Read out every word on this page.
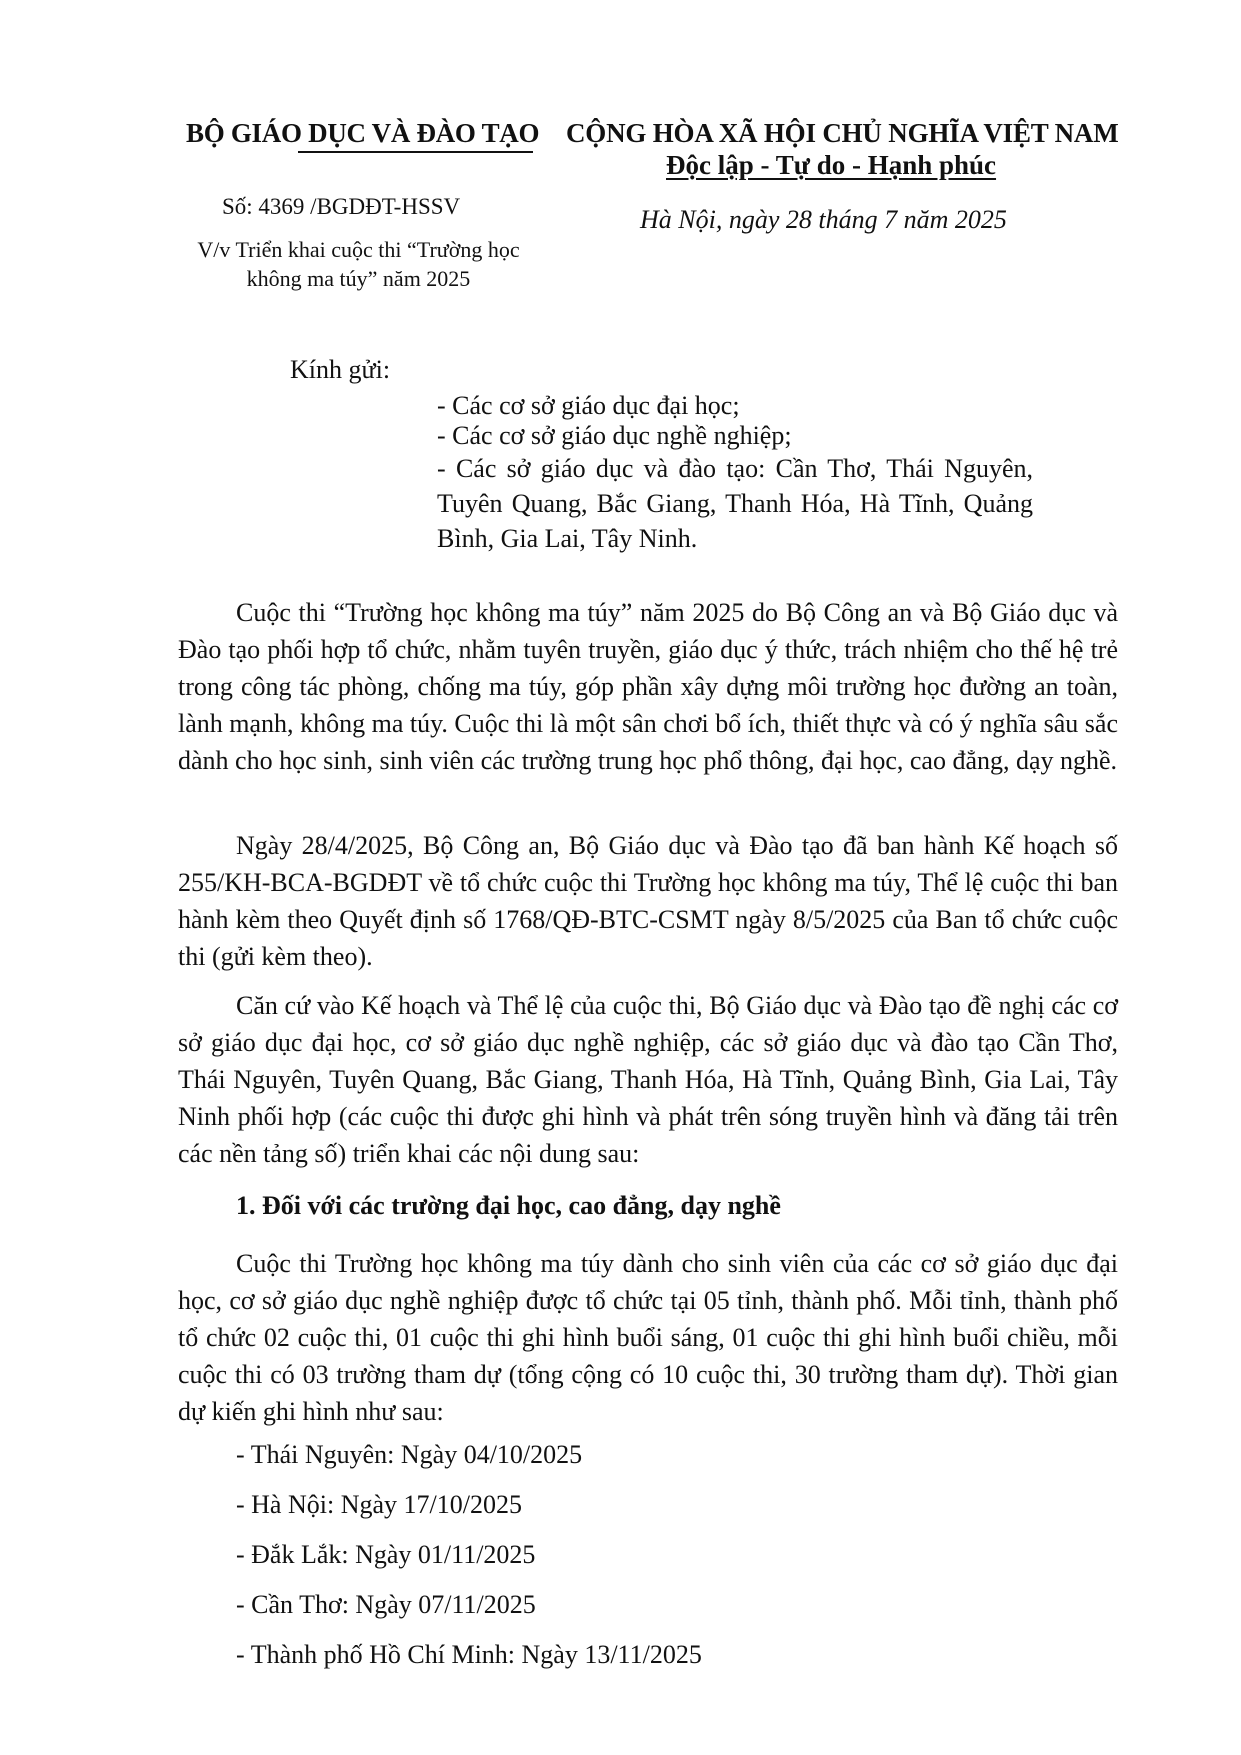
BỘ GIÁO DỤC VÀ ĐÀO TẠO CỘNG HÒA XÃ HỘI CHỦ NGHĨA VIỆT NAM
Độc lập - Tự do - Hạnh phúc
Số: 4369 /BGDĐT-HSSV	Hà Nội, ngày 28 tháng 7 năm 2025
V/v Triển khai cuộc thi “Trường học
không ma túy” năm 2025
Kính gửi:
- Các cơ sở giáo dục đại học;
- Các cơ sở giáo dục nghề nghiệp;
- Các sở giáo dục và đào tạo: Cần Thơ, Thái Nguyên, Tuyên Quang, Bắc Giang, Thanh Hóa, Hà Tĩnh, Quảng Bình, Gia Lai, Tây Ninh.

Cuộc thi “Trường học không ma túy” năm 2025 do Bộ Công an và Bộ Giáo dục và Đào tạo phối hợp tổ chức, nhằm tuyên truyền, giáo dục ý thức, trách nhiệm cho thế hệ trẻ trong công tác phòng, chống ma túy, góp phần xây dựng môi trường học đường an toàn, lành mạnh, không ma túy. Cuộc thi là một sân chơi bổ ích, thiết thực và có ý nghĩa sâu sắc dành cho học sinh, sinh viên các trường trung học phổ thông, đại học, cao đẳng, dạy nghề.

Ngày 28/4/2025, Bộ Công an, Bộ Giáo dục và Đào tạo đã ban hành Kế hoạch số 255/KH-BCA-BGDĐT về tổ chức cuộc thi Trường học không ma túy, Thể lệ cuộc thi ban hành kèm theo Quyết định số 1768/QĐ-BTC-CSMT ngày 8/5/2025 của Ban tổ chức cuộc thi (gửi kèm theo).

Căn cứ vào Kế hoạch và Thể lệ của cuộc thi, Bộ Giáo dục và Đào tạo đề nghị các cơ sở giáo dục đại học, cơ sở giáo dục nghề nghiệp, các sở giáo dục và đào tạo Cần Thơ, Thái Nguyên, Tuyên Quang, Bắc Giang, Thanh Hóa, Hà Tĩnh, Quảng Bình, Gia Lai, Tây Ninh phối hợp (các cuộc thi được ghi hình và phát trên sóng truyền hình và đăng tải trên các nền tảng số) triển khai các nội dung sau:

1. Đối với các trường đại học, cao đẳng, dạy nghề

Cuộc thi Trường học không ma túy dành cho sinh viên của các cơ sở giáo dục đại học, cơ sở giáo dục nghề nghiệp được tổ chức tại 05 tỉnh, thành phố. Mỗi tỉnh, thành phố tổ chức 02 cuộc thi, 01 cuộc thi ghi hình buổi sáng, 01 cuộc thi ghi hình buổi chiều, mỗi cuộc thi có 03 trường tham dự (tổng cộng có 10 cuộc thi, 30 trường tham dự). Thời gian dự kiến ghi hình như sau:

- Thái Nguyên: Ngày 04/10/2025
- Hà Nội: Ngày 17/10/2025
- Đắk Lắk: Ngày 01/11/2025
- Cần Thơ: Ngày 07/11/2025
- Thành phố Hồ Chí Minh: Ngày 13/11/2025
